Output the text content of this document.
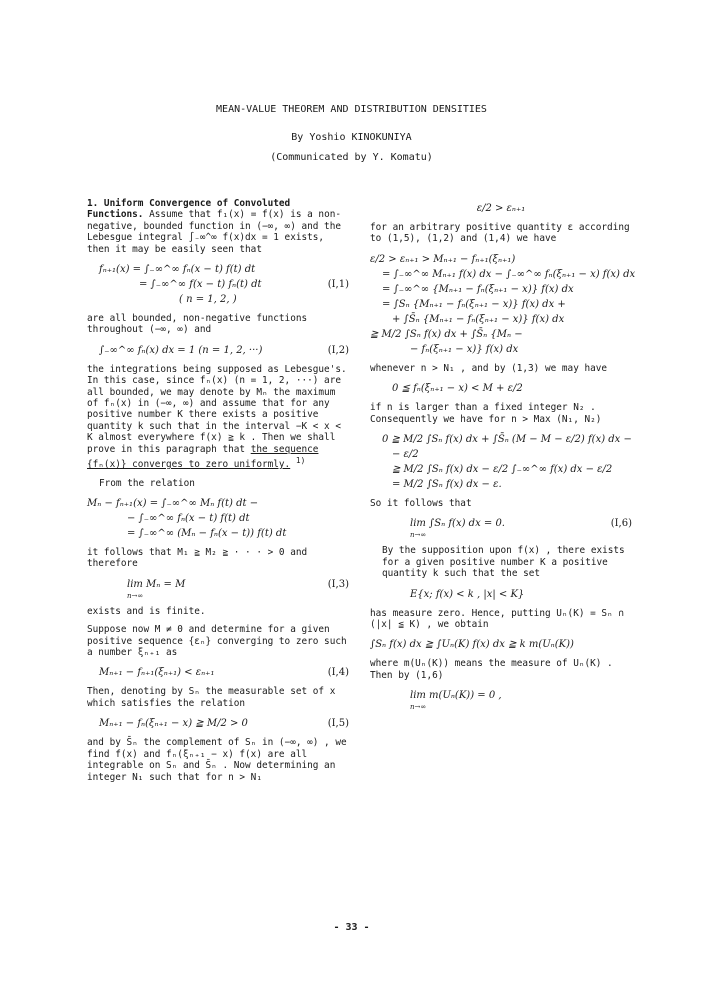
MEAN-VALUE THEOREM AND DISTRIBUTION DENSITIES
By Yoshio KINOKUNIYA
(Communicated by Y. Komatu)
1. Uniform Convergence of Convoluted Functions. Assume that f₁(x) = f(x) is a non-negative, bounded function in (−∞, ∞) and the Lebesgue integral ∫₋∞^∞ f(x)dx = 1 exists, then it may be easily seen that
fₙ₊₁(x) = ∫₋∞^∞ fₙ(x − t) f(t) dt
= ∫₋∞^∞ f(x − t) fₙ(t) dt	(I,1)
( n = 1, 2, )
are all bounded, non-negative functions throughout (−∞, ∞) and
∫₋∞^∞ fₙ(x) dx = 1 (n = 1, 2, ···)	(I,2)
the integrations being supposed as Lebesgue's. In this case, since fₙ(x) (n = 1, 2, ···) are all bounded, we may denote by Mₙ the maximum of fₙ(x) in (−∞, ∞) and assume that for any positive number K there exists a positive quantity k such that in the interval −K < x < K almost everywhere f(x) ≧ k . Then we shall prove in this paragraph that the sequence {fₙ(x)} converges to zero uniformly. $^{1)}$
From the relation
Mₙ − fₙ₊₁(x) = ∫₋∞^∞ Mₙ f(t) dt −
− ∫₋∞^∞ fₙ(x − t) f(t) dt
= ∫₋∞^∞ (Mₙ − fₙ(x − t)) f(t) dt
it follows that M₁ ≧ M₂ ≧ · · · > 0 and therefore
lim Mₙ = M	(I,3)
n→∞
exists and is finite.
Suppose now M ≠ 0 and determine for a given positive sequence {εₙ} converging to zero such a number ξₙ₊₁ as
Mₙ₊₁ − fₙ₊₁(ξₙ₊₁) < εₙ₊₁	(I,4)
Then, denoting by Sₙ the measurable set of x which satisfies the relation
Mₙ₊₁ − fₙ(ξₙ₊₁ − x) ≧ M/2 > 0	(I,5)
and by S̄ₙ the complement of Sₙ in (−∞, ∞) , we find f(x) and fₙ(ξₙ₊₁ − x) f(x) are all integrable on Sₙ and S̄ₙ . Now determining an integer N₁ such that for n > N₁
ε/2 > εₙ₊₁
for an arbitrary positive quantity ε according to (1,5), (1,2) and (1,4) we have
ε/2 > εₙ₊₁ > Mₙ₊₁ − fₙ₊₁(ξₙ₊₁)
= ∫₋∞^∞ Mₙ₊₁ f(x) dx − ∫₋∞^∞ fₙ(ξₙ₊₁ − x) f(x) dx
= ∫₋∞^∞ {Mₙ₊₁ − fₙ(ξₙ₊₁ − x)} f(x) dx
= ∫Sₙ {Mₙ₊₁ − fₙ(ξₙ₊₁ − x)} f(x) dx +
+ ∫S̄ₙ {Mₙ₊₁ − fₙ(ξₙ₊₁ − x)} f(x) dx
≧ M/2 ∫Sₙ f(x) dx + ∫S̄ₙ {Mₙ −
− fₙ(ξₙ₊₁ − x)} f(x) dx
whenever n > N₁ , and by (1,3) we may have
0 ≦ fₙ(ξₙ₊₁ − x) < M + ε/2
if n is larger than a fixed integer N₂ . Consequently we have for n > Max (N₁, N₂)
0 ≧ M/2 ∫Sₙ f(x) dx + ∫S̄ₙ (M − M − ε/2) f(x) dx −
− ε/2
≧ M/2 ∫Sₙ f(x) dx − ε/2 ∫₋∞^∞ f(x) dx − ε/2
= M/2 ∫Sₙ f(x) dx − ε.
So it follows that
lim ∫Sₙ f(x) dx = 0.	(I,6)
n→∞
By the supposition upon f(x) , there exists for a given positive number K a positive quantity k such that the set
E{x; f(x) < k , |x| < K}
has measure zero. Hence, putting Uₙ(K) = Sₙ ∩ (|x| ≦ K) , we obtain
∫Sₙ f(x) dx ≧ ∫Uₙ(K) f(x) dx ≧ k m(Uₙ(K))
where m(Uₙ(K)) means the measure of Uₙ(K) . Then by (1,6)
lim m(Uₙ(K)) = 0 ,
n→∞
- 33 -
